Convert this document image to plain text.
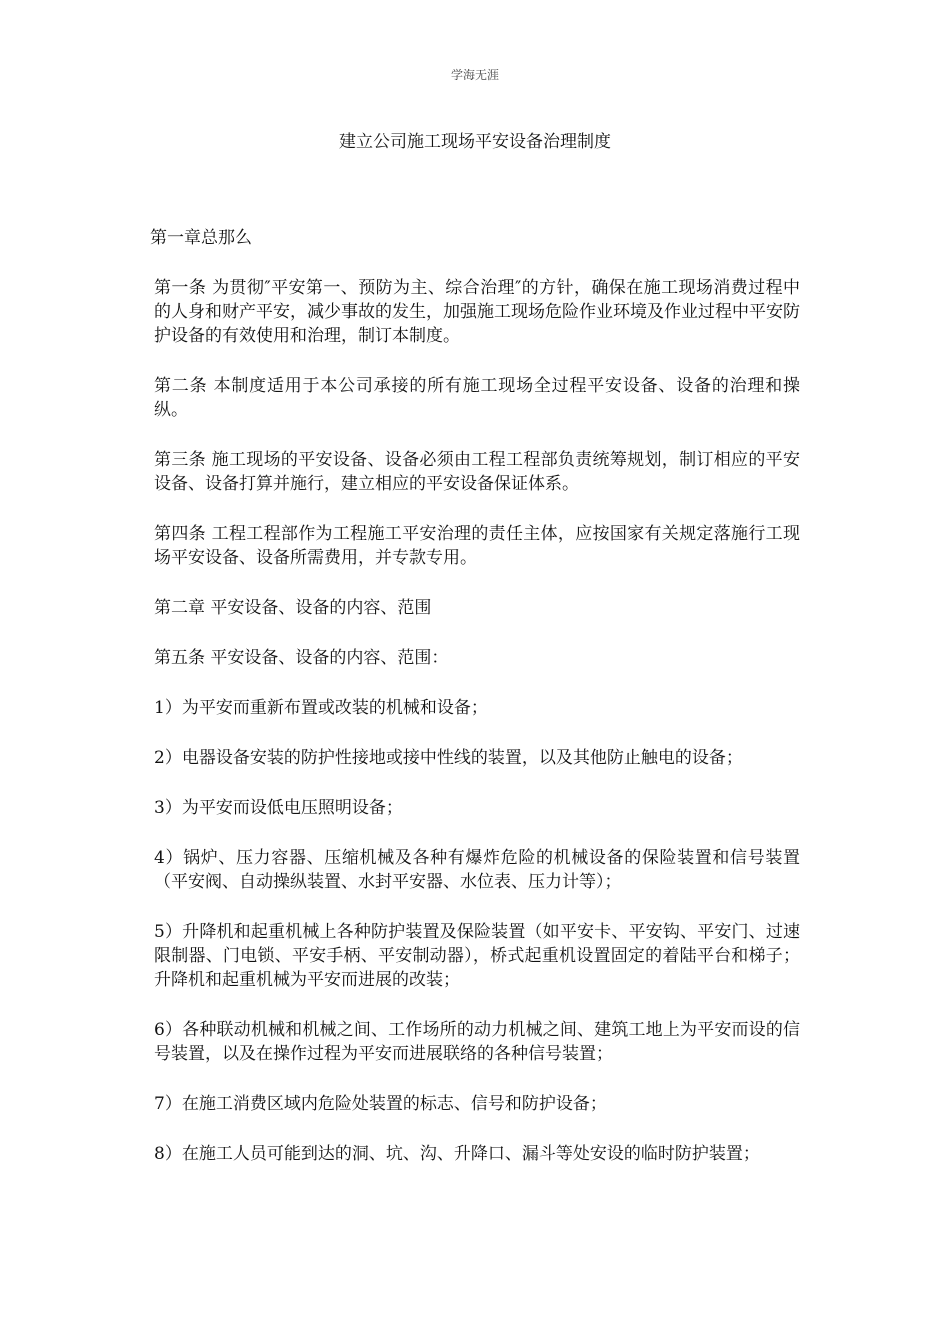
学海无涯
建立公司施工现场平安设备治理制度

第一章总那么

第一条 为贯彻″平安第一、预防为主、综合治理″的方针，确保在施工现场消费过程中的人身和财产平安，减少事故的发生，加强施工现场危险作业环境及作业过程中平安防护设备的有效使用和治理，制订本制度。

第二条 本制度适用于本公司承接的所有施工现场全过程平安设备、设备的治理和操纵。

第三条 施工现场的平安设备、设备必须由工程工程部负责统筹规划，制订相应的平安设备、设备打算并施行，建立相应的平安设备保证体系。

第四条 工程工程部作为工程施工平安治理的责任主体，应按国家有关规定落施行工现场平安设备、设备所需费用，并专款专用。

第二章 平安设备、设备的内容、范围

第五条 平安设备、设备的内容、范围：

1）为平安而重新布置或改装的机械和设备；

2）电器设备安装的防护性接地或接中性线的装置，以及其他防止触电的设备；

3）为平安而设低电压照明设备；

4）锅炉、压力容器、压缩机械及各种有爆炸危险的机械设备的保险装置和信号装置（平安阀、自动操纵装置、水封平安器、水位表、压力计等）；

5）升降机和起重机械上各种防护装置及保险装置（如平安卡、平安钩、平安门、过速限制器、门电锁、平安手柄、平安制动器），桥式起重机设置固定的着陆平台和梯子；升降机和起重机械为平安而进展的改装；

6）各种联动机械和机械之间、工作场所的动力机械之间、建筑工地上为平安而设的信号装置，以及在操作过程为平安而进展联络的各种信号装置；

7）在施工消费区域内危险处装置的标志、信号和防护设备；

8）在施工人员可能到达的洞、坑、沟、升降口、漏斗等处安设的临时防护装置；
